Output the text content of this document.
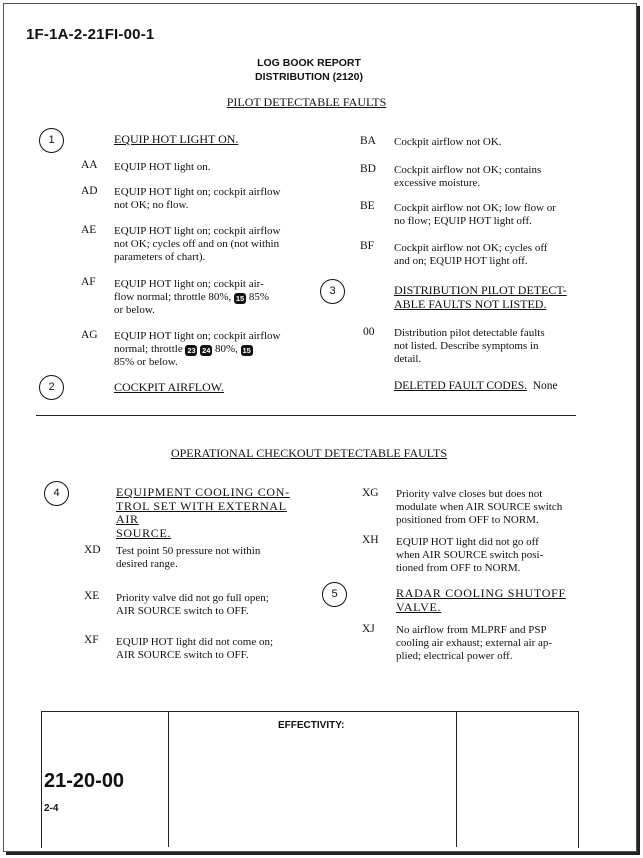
1F-1A-2-21FI-00-1
LOG BOOK REPORT
DISTRIBUTION (2120)
PILOT DETECTABLE FAULTS
1	EQUIP HOT LIGHT ON.
AA EQUIP HOT light on.
AD EQUIP HOT light on; cockpit airflow
not OK; no flow.
AE EQUIP HOT light on; cockpit airflow
not OK; cycles off and on (not within
parameters of chart).
AF EQUIP HOT light on; cockpit air-
flow normal; throttle 80%, 15 85%
or below.
AG EQUIP HOT light on; cockpit airflow
normal; throttle 23 24 80%, 15
85% or below.
2	COCKPIT AIRFLOW.
BA Cockpit airflow not OK.
BD Cockpit airflow not OK; contains
excessive moisture.
BE Cockpit airflow not OK; low flow or
no flow; EQUIP HOT light off.
BF Cockpit airflow not OK; cycles off
and on; EQUIP HOT light off.
3	DISTRIBUTION PILOT DETECT-
ABLE FAULTS NOT LISTED.
00 Distribution pilot detectable faults
not listed. Describe symptoms in
detail.
DELETED FAULT CODES. None
OPERATIONAL CHECKOUT DETECTABLE FAULTS
4	EQUIPMENT COOLING CON-
TROL SET WITH EXTERNAL AIR
SOURCE.
XD Test point 50 pressure not within
desired range.
XE Priority valve did not go full open;
AIR SOURCE switch to OFF.
XF EQUIP HOT light did not come on;
AIR SOURCE switch to OFF.
XG Priority valve closes but does not
modulate when AIR SOURCE switch
positioned from OFF to NORM.
XH EQUIP HOT light did not go off
when AIR SOURCE switch posi-
tioned from OFF to NORM.
5	RADAR COOLING SHUTOFF
VALVE.
XJ No airflow from MLPRF and PSP
cooling air exhaust; external air ap-
plied; electrical power off.
EFFECTIVITY:
21-20-00
2-4
